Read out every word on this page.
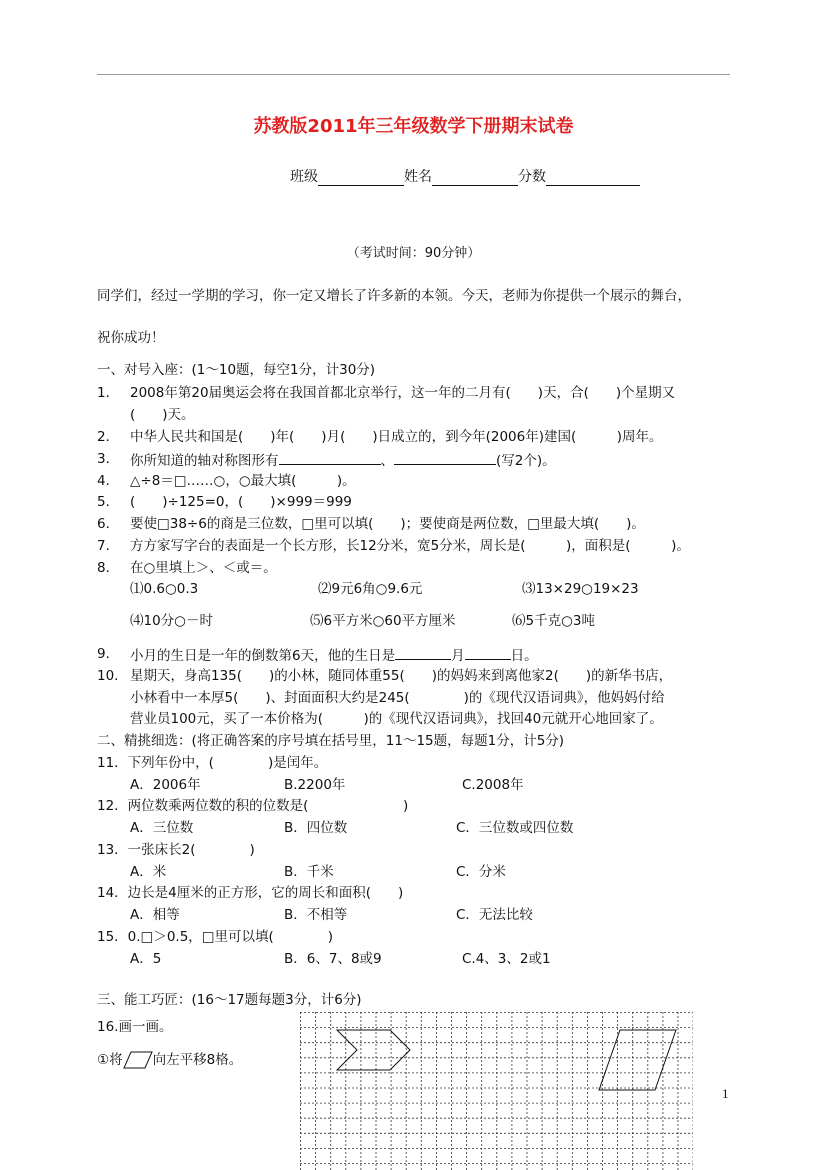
苏教版2011年三年级数学下册期末试卷
班级	姓名	分数
（考试时间：90分钟）
同学们，经过一学期的学习，你一定又增长了许多新的本领。今天，老师为你提供一个展示的舞台，
祝你成功！
一、对号入座：(1～10题，每空1分，计30分)
1． 2008年第20届奥运会将在我国首都北京举行，这一年的二月有(　　)天，合(　　)个星期又
(　　)天。
2． 中华人民共和国是(　　)年(　　)月(　　)日成立的，到今年(2006年)建国(　　　)周年。
3． 你所知道的轴对称图形有	、	(写2个)。
4． △÷8＝□……○，○最大填(　　　)。
5． (　　)÷125=0，(　　)×999＝999
6． 要使□38÷6的商是三位数，□里可以填(　　)；要使商是两位数，□里最大填(　　)。
7． 方方家写字台的表面是一个长方形，长12分米，宽5分米，周长是(　　　)，面积是(　　　)。
8． 在○里填上＞、＜或＝。
⑴0.6○0.3	⑵9元6角○9.6元	⑶13×29○19×23
⑷10分○－时	⑸6平方米○60平方厘米	⑹5千克○3吨
9． 小月的生日是一年的倒数第6天，他的生日是	月	日。
10． 星期天，身高135(　　)的小林，随同体重55(　　)的妈妈来到离他家2(　　)的新华书店，
小林看中一本厚5(　　)、封面面积大约是245(　　　　)的《现代汉语词典》，他妈妈付给
营业员100元，买了一本价格为(　　　)的《现代汉语词典》，找回40元就开心地回家了。
二、精挑细选：(将正确答案的序号填在括号里，11～15题，每题1分，计5分)
11．下列年份中，(　　　　)是闰年。
A．2006年	B.2200年	C.2008年
12．两位数乘两位数的积的位数是(　　　　　　　)
A．三位数	B．四位数	C．三位数或四位数
13．一张床长2(　　　　)
A．米	B．千米	C．分米
14．边长是4厘米的正方形，它的周长和面积(　　)
A．相等	B．不相等	C．无法比较
15．0.□＞0.5，□里可以填(　　　　)
A．5	B．6、7、8或9	C.4、3、2或1
三、能工巧匠：(16～17题每题3分，计6分)
16.画一画。
①将 向左平移8格。
1
